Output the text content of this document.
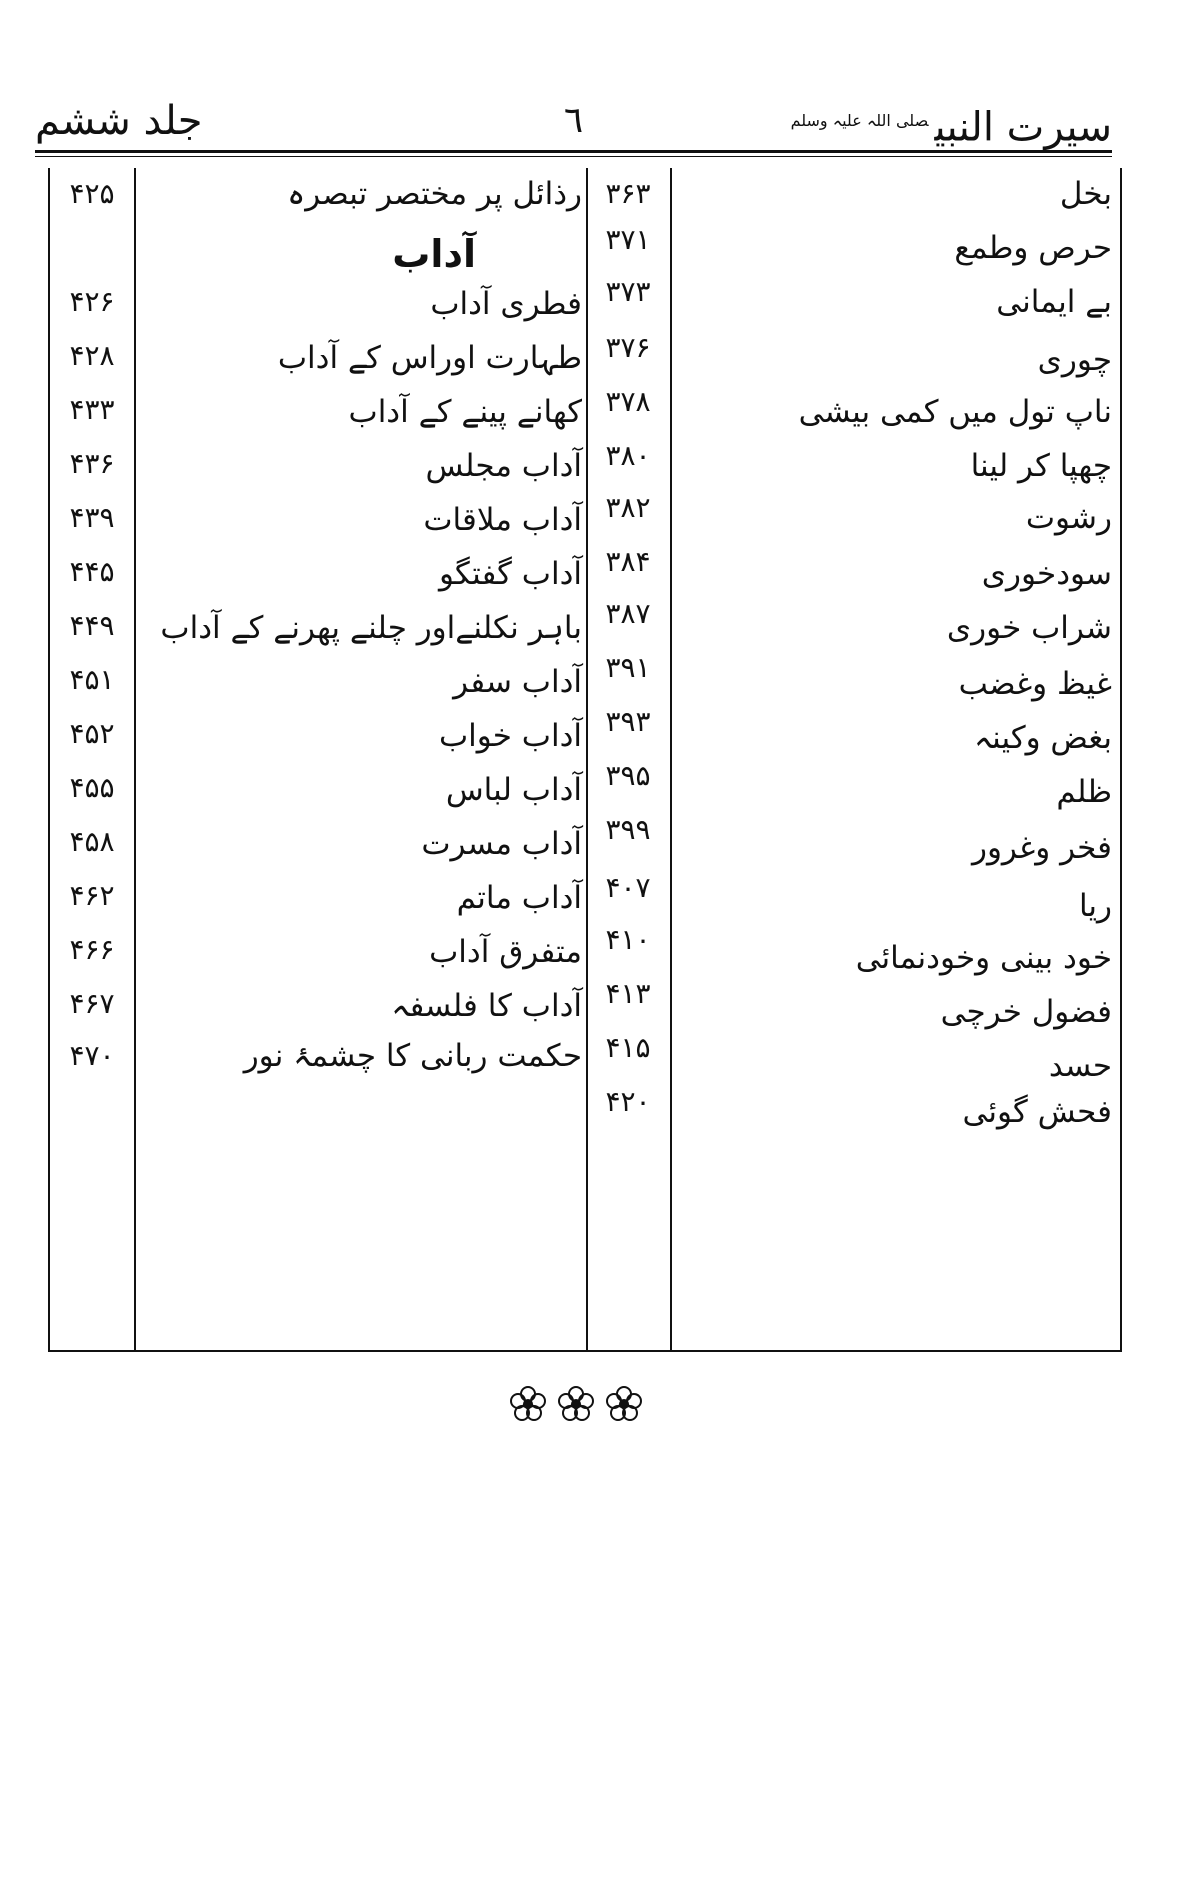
جلد ششم	٦	سیرت النبی$^{صلی اللہ علیہ وسلم}$
بخل
۳۶۳
حرص وطمع
۳۷۱
بے ایمانی
۳۷۳
چوری
۳۷۶
ناپ تول میں کمی بیشی
۳۷۸
چھپا کر لینا
۳۸۰
رشوت
۳۸۲
سودخوری
۳۸۴
شراب خوری
۳۸۷
غیظ وغضب
۳۹۱
بغض وکینہ
۳۹۳
ظلم
۳۹۵
فخر وغرور
۳۹۹
ریا
۴۰۷
خود بینی وخودنمائی
۴۱۰
فضول خرچی
۴۱۳
حسد
۴۱۵
فحش گوئی
۴۲۰
رذائل پر مختصر تبصرہ
۴۲۵
آداب
فطری آداب
۴۲۶
طہارت اوراس کے آداب
۴۲۸
کھانے پینے کے آداب
۴۳۳
آداب مجلس
۴۳۶
آداب ملاقات
۴۳۹
آداب گفتگو
۴۴۵
باہر نکلنےاور چلنے پھرنے کے آداب
۴۴۹
آداب سفر
۴۵۱
آداب خواب
۴۵۲
آداب لباس
۴۵۵
آداب مسرت
۴۵۸
آداب ماتم
۴۶۲
متفرق آداب
۴۶۶
آداب کا فلسفہ
۴۶۷
حکمت ربانی کا چشمۂ نور
۴۷۰
